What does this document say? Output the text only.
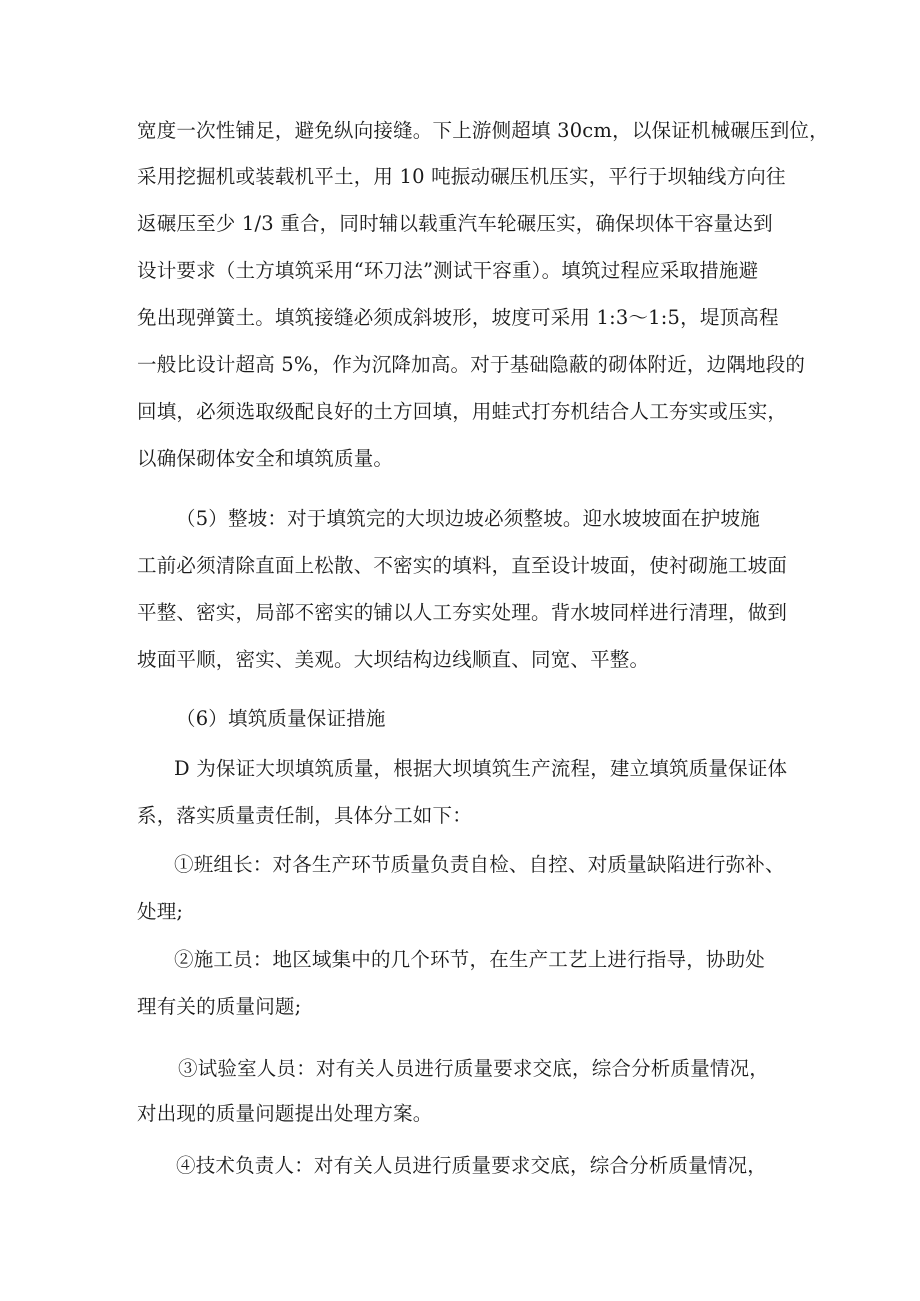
宽度一次性铺足，避免纵向接缝。下上游侧超填 30cm，以保证机械碾压到位，
采用挖掘机或装载机平土，用 10 吨振动碾压机压实，平行于坝轴线方向往
返碾压至少 1/3 重合，同时辅以载重汽车轮碾压实，确保坝体干容量达到
设计要求（土方填筑采用“环刀法”测试干容重）。填筑过程应采取措施避
免出现弹簧土。填筑接缝必须成斜坡形，坡度可采用 1:3～1:5，堤顶高程
一般比设计超高 5%，作为沉降加高。对于基础隐蔽的砌体附近，边隅地段的
回填，必须选取级配良好的土方回填，用蛙式打夯机结合人工夯实或压实，
以确保砌体安全和填筑质量。
（5）整坡：对于填筑完的大坝边坡必须整坡。迎水坡坡面在护坡施
工前必须清除直面上松散、不密实的填料，直至设计坡面，使衬砌施工坡面
平整、密实，局部不密实的铺以人工夯实处理。背水坡同样进行清理，做到
坡面平顺，密实、美观。大坝结构边线顺直、同宽、平整。
（6）填筑质量保证措施
D 为保证大坝填筑质量，根据大坝填筑生产流程，建立填筑质量保证体
系，落实质量责任制，具体分工如下：
①班组长：对各生产环节质量负责自检、自控、对质量缺陷进行弥补、
处理;
②施工员：地区域集中的几个环节，在生产工艺上进行指导，协助处
理有关的质量问题;
③试验室人员：对有关人员进行质量要求交底，综合分析质量情况，
对出现的质量问题提出处理方案。
④技术负责人：对有关人员进行质量要求交底，综合分析质量情况，
